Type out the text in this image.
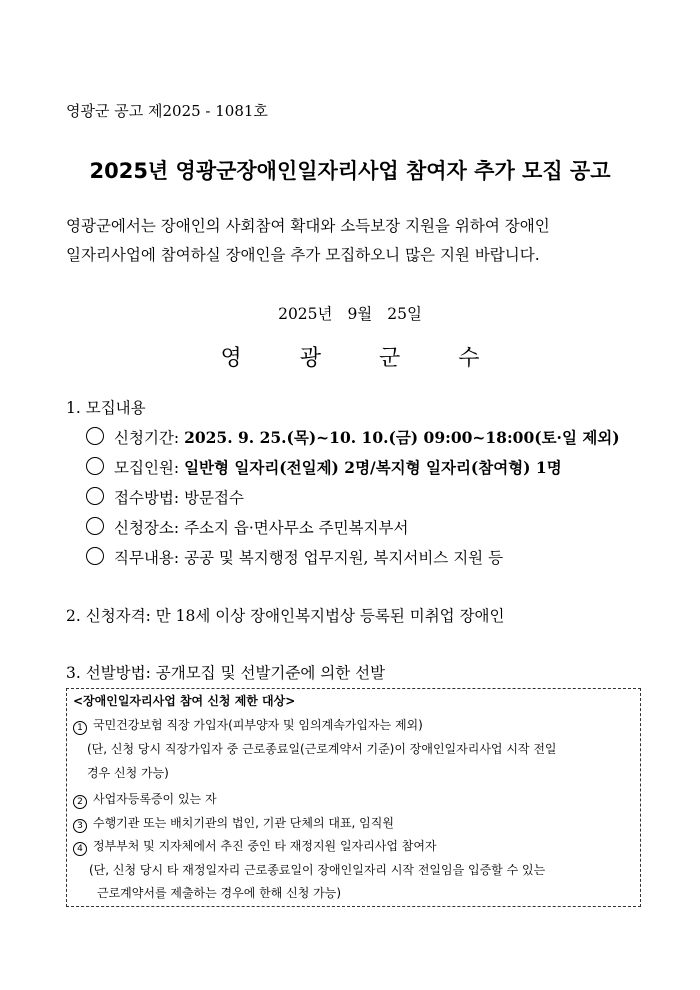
영광군 공고 제2025 - 1081호
2025년 영광군장애인일자리사업 참여자 추가 모집 공고
영광군에서는 장애인의 사회참여 확대와 소득보장 지원을 위하여 장애인
일자리사업에 참여하실 장애인을 추가 모집하오니 많은 지원 바랍니다.
2025년 9월 25일
영	광	군	수
1. 모집내용
신청기간: 2025. 9. 25.(목)~10. 10.(금) 09:00~18:00(토·일 제외)
모집인원: 일반형 일자리(전일제) 2명/복지형 일자리(참여형) 1명
접수방법: 방문접수
신청장소: 주소지 읍·면사무소 주민복지부서
직무내용: 공공 및 복지행정 업무지원, 복지서비스 지원 등
2. 신청자격: 만 18세 이상 장애인복지법상 등록된 미취업 장애인
3. 선발방법: 공개모집 및 선발기준에 의한 선발
<장애인일자리사업 참여 신청 제한 대상>
1 국민건강보험 직장 가입자(피부양자 및 임의계속가입자는 제외)
(단, 신청 당시 직장가입자 중 근로종료일(근로계약서 기준)이 장애인일자리사업 시작 전일
경우 신청 가능)
2 사업자등록증이 있는 자
3 수행기관 또는 배치기관의 법인, 기관 단체의 대표, 임직원
4 정부부처 및 지자체에서 추진 중인 타 재정지원 일자리사업 참여자
(단, 신청 당시 타 재정일자리 근로종료일이 장애인일자리 시작 전일임을 입증할 수 있는
근로계약서를 제출하는 경우에 한해 신청 가능)
